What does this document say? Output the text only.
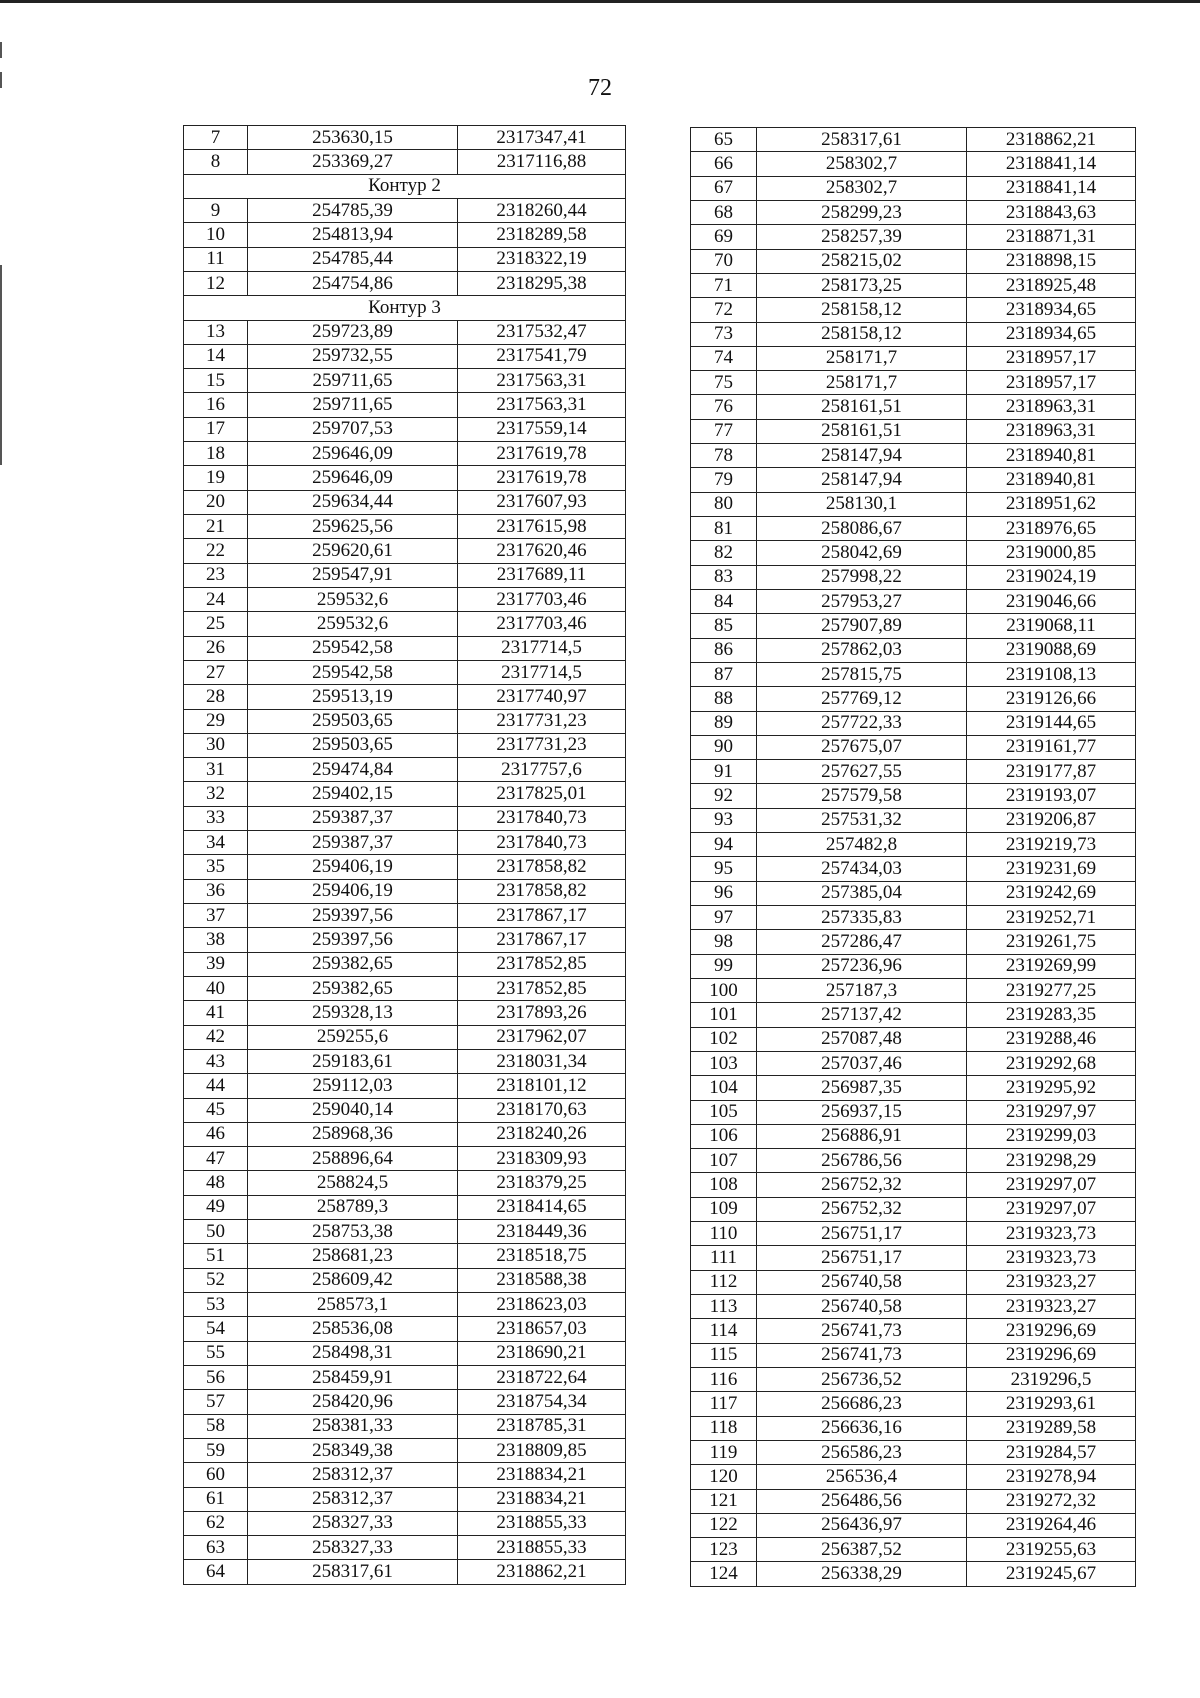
72
7	253630,15	2317347,41
8	253369,27	2317116,88
Контур 2		
9	254785,39	2318260,44
10	254813,94	2318289,58
11	254785,44	2318322,19
12	254754,86	2318295,38
Контур 3		
13	259723,89	2317532,47
14	259732,55	2317541,79
15	259711,65	2317563,31
16	259711,65	2317563,31
17	259707,53	2317559,14
18	259646,09	2317619,78
19	259646,09	2317619,78
20	259634,44	2317607,93
21	259625,56	2317615,98
22	259620,61	2317620,46
23	259547,91	2317689,11
24	259532,6	2317703,46
25	259532,6	2317703,46
26	259542,58	2317714,5
27	259542,58	2317714,5
28	259513,19	2317740,97
29	259503,65	2317731,23
30	259503,65	2317731,23
31	259474,84	2317757,6
32	259402,15	2317825,01
33	259387,37	2317840,73
34	259387,37	2317840,73
35	259406,19	2317858,82
36	259406,19	2317858,82
37	259397,56	2317867,17
38	259397,56	2317867,17
39	259382,65	2317852,85
40	259382,65	2317852,85
41	259328,13	2317893,26
42	259255,6	2317962,07
43	259183,61	2318031,34
44	259112,03	2318101,12
45	259040,14	2318170,63
46	258968,36	2318240,26
47	258896,64	2318309,93
48	258824,5	2318379,25
49	258789,3	2318414,65
50	258753,38	2318449,36
51	258681,23	2318518,75
52	258609,42	2318588,38
53	258573,1	2318623,03
54	258536,08	2318657,03
55	258498,31	2318690,21
56	258459,91	2318722,64
57	258420,96	2318754,34
58	258381,33	2318785,31
59	258349,38	2318809,85
60	258312,37	2318834,21
61	258312,37	2318834,21
62	258327,33	2318855,33
63	258327,33	2318855,33
64	258317,61	2318862,21
65	258317,61	2318862,21
66	258302,7	2318841,14
67	258302,7	2318841,14
68	258299,23	2318843,63
69	258257,39	2318871,31
70	258215,02	2318898,15
71	258173,25	2318925,48
72	258158,12	2318934,65
73	258158,12	2318934,65
74	258171,7	2318957,17
75	258171,7	2318957,17
76	258161,51	2318963,31
77	258161,51	2318963,31
78	258147,94	2318940,81
79	258147,94	2318940,81
80	258130,1	2318951,62
81	258086,67	2318976,65
82	258042,69	2319000,85
83	257998,22	2319024,19
84	257953,27	2319046,66
85	257907,89	2319068,11
86	257862,03	2319088,69
87	257815,75	2319108,13
88	257769,12	2319126,66
89	257722,33	2319144,65
90	257675,07	2319161,77
91	257627,55	2319177,87
92	257579,58	2319193,07
93	257531,32	2319206,87
94	257482,8	2319219,73
95	257434,03	2319231,69
96	257385,04	2319242,69
97	257335,83	2319252,71
98	257286,47	2319261,75
99	257236,96	2319269,99
100	257187,3	2319277,25
101	257137,42	2319283,35
102	257087,48	2319288,46
103	257037,46	2319292,68
104	256987,35	2319295,92
105	256937,15	2319297,97
106	256886,91	2319299,03
107	256786,56	2319298,29
108	256752,32	2319297,07
109	256752,32	2319297,07
110	256751,17	2319323,73
111	256751,17	2319323,73
112	256740,58	2319323,27
113	256740,58	2319323,27
114	256741,73	2319296,69
115	256741,73	2319296,69
116	256736,52	2319296,5
117	256686,23	2319293,61
118	256636,16	2319289,58
119	256586,23	2319284,57
120	256536,4	2319278,94
121	256486,56	2319272,32
122	256436,97	2319264,46
123	256387,52	2319255,63
124	256338,29	2319245,67
